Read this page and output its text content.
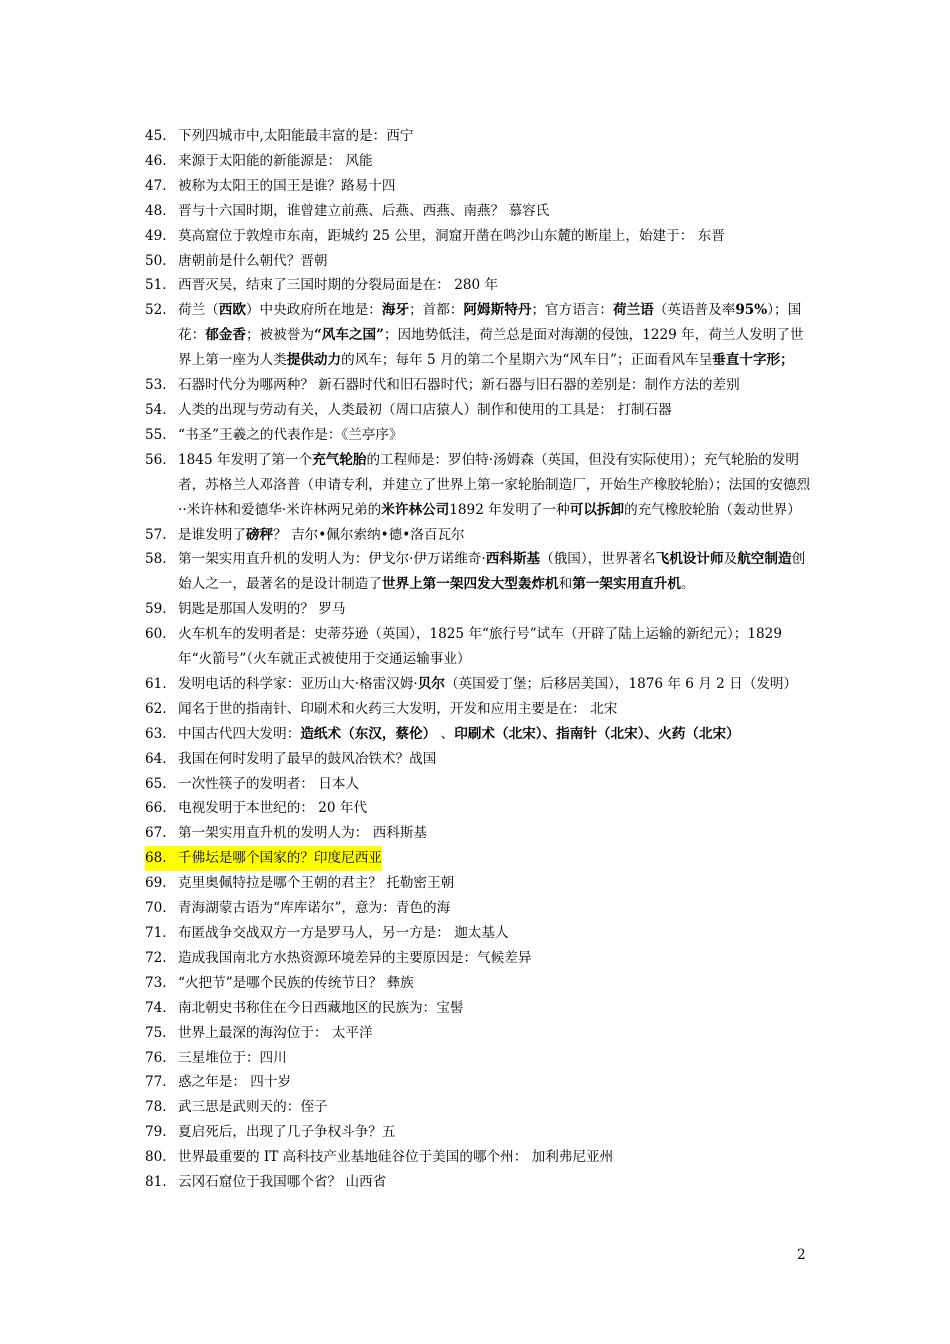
45. 下列四城市中,太阳能最丰富的是：西宁
46. 来源于太阳能的新能源是： 风能
47. 被称为太阳王的国王是谁？路易十四
48. 晋与十六国时期，谁曾建立前燕、后燕、西燕、南燕？ 慕容氏
49. 莫高窟位于敦煌市东南，距城约 25 公里，洞窟开凿在鸣沙山东麓的断崖上，始建于： 东晋
50. 唐朝前是什么朝代？晋朝
51. 西晋灭吴，结束了三国时期的分裂局面是在： 280 年
52. 荷兰（西欧）中央政府所在地是：海牙；首都：阿姆斯特丹；官方语言：荷兰语（英语普及率95%）；国花：郁金香；被被誉为“风车之国”；因地势低洼，荷兰总是面对海潮的侵蚀，1229 年，荷兰人发明了世界上第一座为人类提供动力的风车；每年 5 月的第二个星期六为“风车日”；正面看风车呈垂直十字形；
53. 石器时代分为哪两种？ 新石器时代和旧石器时代；新石器与旧石器的差别是：制作方法的差别
54. 人类的出现与劳动有关，人类最初（周口店猿人）制作和使用的工具是： 打制石器
55. “书圣”王羲之的代表作是：《兰亭序》
56. 1845 年发明了第一个充气轮胎的工程师是：罗伯特·汤姆森（英国，但没有实际使用）；充气轮胎的发明者，苏格兰人邓洛普（申请专利，并建立了世界上第一家轮胎制造厂，开始生产橡胶轮胎）；法国的安德烈··米许林和爱德华·米许林两兄弟的米许林公司1892 年发明了一种可以拆卸的充气橡胶轮胎（轰动世界）
57. 是谁发明了磅秤？ 吉尔•佩尔索纳•德•洛百瓦尔
58. 第一架实用直升机的发明人为：伊戈尔·伊万诺维奇·西科斯基（俄国），世界著名飞机设计师及航空制造创始人之一，最著名的是设计制造了世界上第一架四发大型轰炸机和第一架实用直升机。
59. 钥匙是那国人发明的？ 罗马
60. 火车机车的发明者是：史蒂芬逊（英国），1825 年“旅行号”试车（开辟了陆上运输的新纪元）；1829 年“火箭号”（火车就正式被使用于交通运输事业）
61. 发明电话的科学家：亚历山大·格雷汉姆·贝尔（英国爱丁堡；后移居美国），1876 年 6 月 2 日（发明）
62. 闻名于世的指南针、印刷术和火药三大发明，开发和应用主要是在： 北宋
63. 中国古代四大发明：造纸术（东汉，蔡伦） 、印刷术（北宋）、指南针（北宋）、火药（北宋）
64. 我国在何时发明了最早的鼓风冶铁术？战国
65. 一次性筷子的发明者： 日本人
66. 电视发明于本世纪的： 20 年代
67. 第一架实用直升机的发明人为： 西科斯基
68. 千佛坛是哪个国家的？印度尼西亚
69. 克里奥佩特拉是哪个王朝的君主？ 托勒密王朝
70. 青海湖蒙古语为“库库诺尔”，意为：青色的海
71. 布匿战争交战双方一方是罗马人，另一方是： 迦太基人
72. 造成我国南北方水热资源环境差异的主要原因是：气候差异
73. “火把节”是哪个民族的传统节日？ 彝族
74. 南北朝史书称住在今日西藏地区的民族为：宝髻
75. 世界上最深的海沟位于： 太平洋
76. 三星堆位于：四川
77. 惑之年是： 四十岁
78. 武三思是武则天的：侄子
79. 夏启死后，出现了几子争权斗争？五
80. 世界最重要的 IT 高科技产业基地硅谷位于美国的哪个州： 加利弗尼亚州
81. 云冈石窟位于我国哪个省？ 山西省
2
